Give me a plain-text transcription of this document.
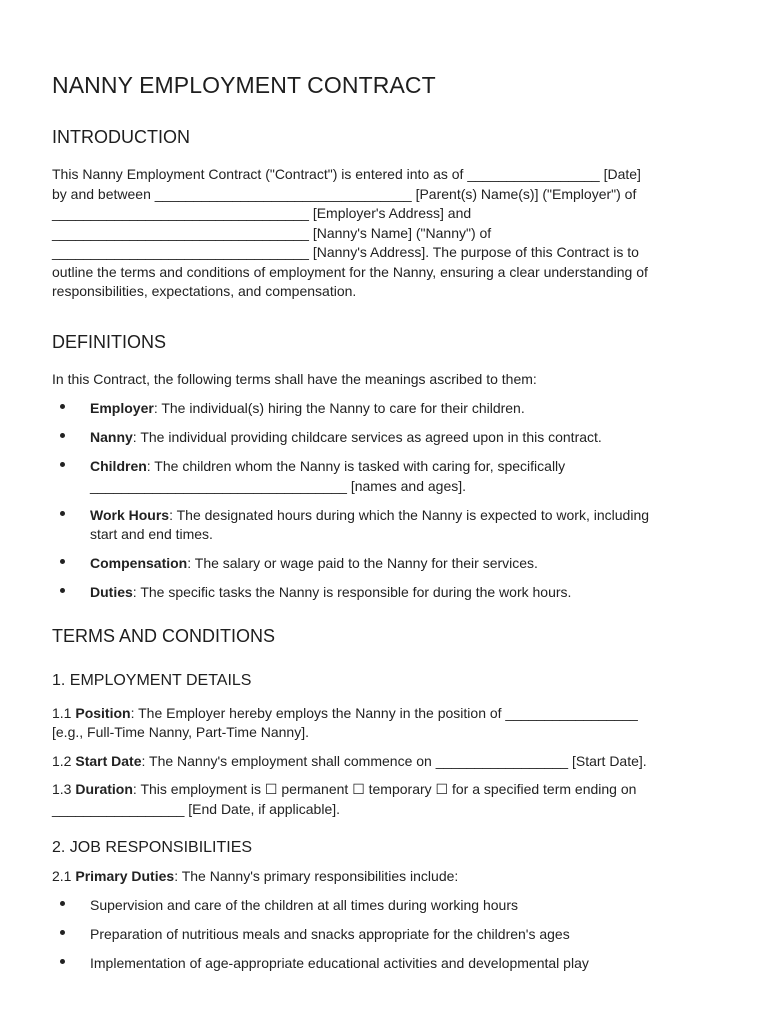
NANNY EMPLOYMENT CONTRACT
INTRODUCTION

This Nanny Employment Contract ("Contract") is entered into as of _________________ [Date]
by and between _________________________________ [Parent(s) Name(s)] ("Employer") of
_________________________________ [Employer's Address] and
_________________________________ [Nanny's Name] ("Nanny") of
_________________________________ [Nanny's Address]. The purpose of this Contract is to
outline the terms and conditions of employment for the Nanny, ensuring a clear understanding of
responsibilities, expectations, and compensation.

DEFINITIONS

In this Contract, the following terms shall have the meanings ascribed to them:

Employer: The individual(s) hiring the Nanny to care for their children.
Nanny: The individual providing childcare services as agreed upon in this contract.
Children: The children whom the Nanny is tasked with caring for, specifically
_________________________________ [names and ages].
Work Hours: The designated hours during which the Nanny is expected to work, including
start and end times.
Compensation: The salary or wage paid to the Nanny for their services.
Duties: The specific tasks the Nanny is responsible for during the work hours.
TERMS AND CONDITIONS
1. EMPLOYMENT DETAILS

1.1 Position: The Employer hereby employs the Nanny in the position of _________________
[e.g., Full-Time Nanny, Part-Time Nanny].

1.2 Start Date: The Nanny's employment shall commence on _________________ [Start Date].

1.3 Duration: This employment is ☐ permanent ☐ temporary ☐ for a specified term ending on
_________________ [End Date, if applicable].

2. JOB RESPONSIBILITIES

2.1 Primary Duties: The Nanny's primary responsibilities include:

Supervision and care of the children at all times during working hours
Preparation of nutritious meals and snacks appropriate for the children's ages
Implementation of age-appropriate educational activities and developmental play
